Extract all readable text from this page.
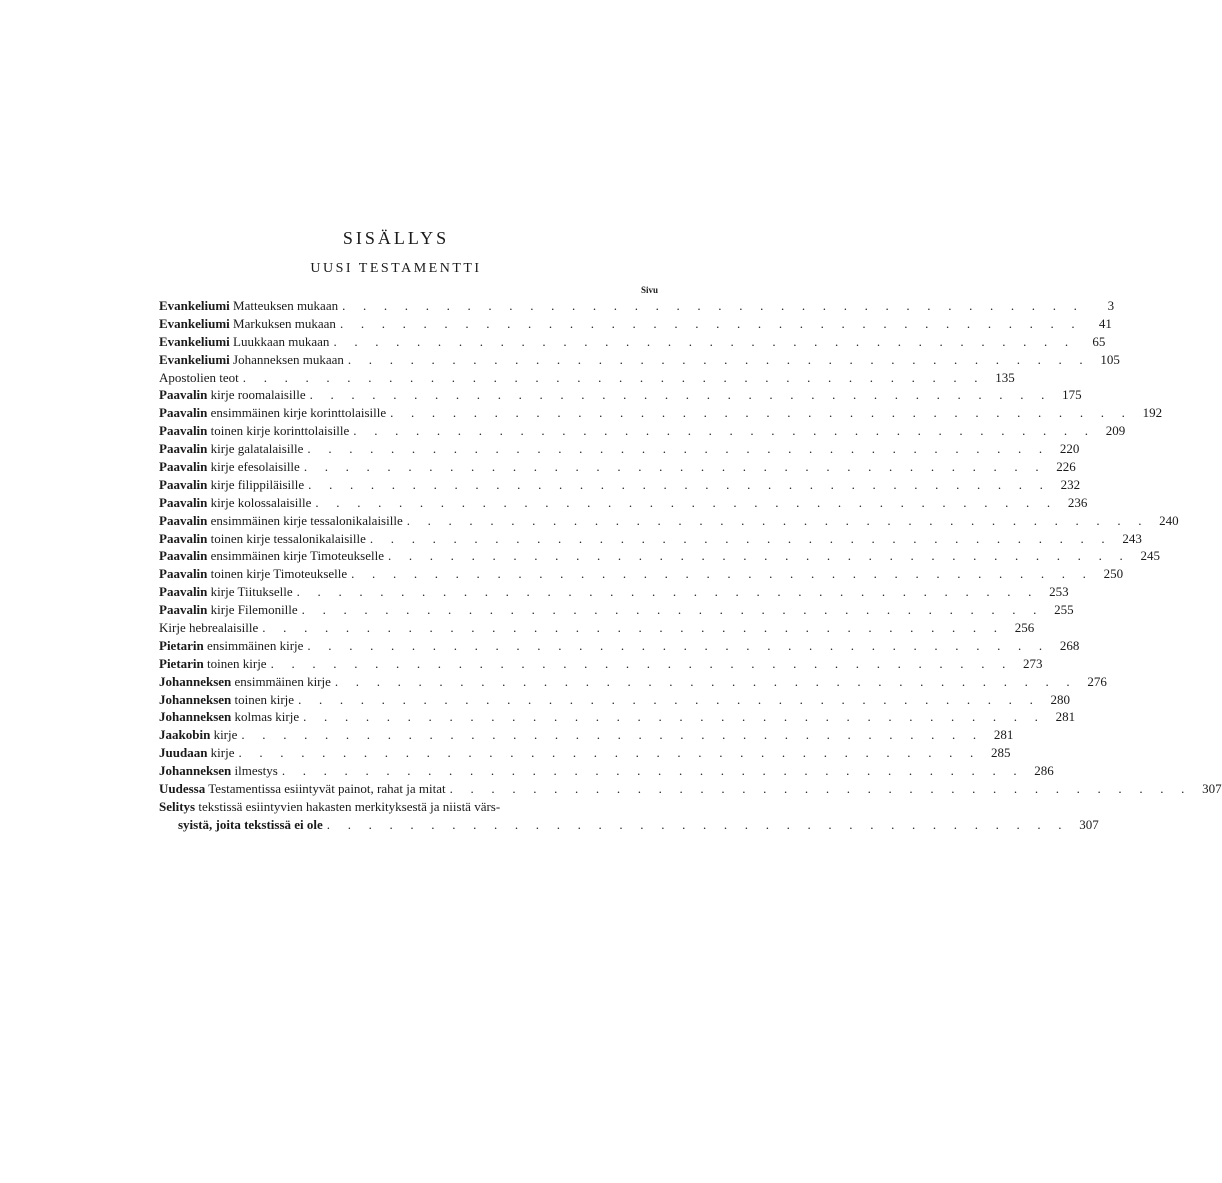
SISÄLLYS
UUSI TESTAMENTTI
Sivu
Evankeliumi Matteuksen mukaan . . . . . . . . . . . . . . . . . . . . . . . . . . . . . . . . . . . .	3
Evankeliumi Markuksen mukaan . . . . . . . . . . . . . . . . . . . . . . . . . . . . . . . . . . . .	41
Evankeliumi Luukkaan mukaan . . . . . . . . . . . . . . . . . . . . . . . . . . . . . . . . . . . .	65
Evankeliumi Johanneksen mukaan . . . . . . . . . . . . . . . . . . . . . . . . . . . . . . . . . . . . 105
Apostolien teot . . . . . . . . . . . . . . . . . . . . . . . . . . . . . . . . . . . . 135
Paavalin kirje roomalaisille . . . . . . . . . . . . . . . . . . . . . . . . . . . . . . . . . . . . 175
Paavalin ensimmäinen kirje korinttolaisille . . . . . . . . . . . . . . . . . . . . . . . . . . . . . . . . . . . . 192
Paavalin toinen kirje korinttolaisille . . . . . . . . . . . . . . . . . . . . . . . . . . . . . . . . . . . . 209
Paavalin kirje galatalaisille . . . . . . . . . . . . . . . . . . . . . . . . . . . . . . . . . . . . 220
Paavalin kirje efesolaisille . . . . . . . . . . . . . . . . . . . . . . . . . . . . . . . . . . . . 226
Paavalin kirje filippiläisille . . . . . . . . . . . . . . . . . . . . . . . . . . . . . . . . . . . . 232
Paavalin kirje kolossalaisille . . . . . . . . . . . . . . . . . . . . . . . . . . . . . . . . . . . . 236
Paavalin ensimmäinen kirje tessalonikalaisille . . . . . . . . . . . . . . . . . . . . . . . . . . . . . . . . . . . . 240
Paavalin toinen kirje tessalonikalaisille . . . . . . . . . . . . . . . . . . . . . . . . . . . . . . . . . . . . 243
Paavalin ensimmäinen kirje Timoteukselle . . . . . . . . . . . . . . . . . . . . . . . . . . . . . . . . . . . . 245
Paavalin toinen kirje Timoteukselle . . . . . . . . . . . . . . . . . . . . . . . . . . . . . . . . . . . . 250
Paavalin kirje Tiitukselle . . . . . . . . . . . . . . . . . . . . . . . . . . . . . . . . . . . . 253
Paavalin kirje Filemonille . . . . . . . . . . . . . . . . . . . . . . . . . . . . . . . . . . . . 255
Kirje hebrealaisille . . . . . . . . . . . . . . . . . . . . . . . . . . . . . . . . . . . . 256
Pietarin ensimmäinen kirje . . . . . . . . . . . . . . . . . . . . . . . . . . . . . . . . . . . . 268
Pietarin toinen kirje . . . . . . . . . . . . . . . . . . . . . . . . . . . . . . . . . . . . 273
Johanneksen ensimmäinen kirje . . . . . . . . . . . . . . . . . . . . . . . . . . . . . . . . . . . . 276
Johanneksen toinen kirje . . . . . . . . . . . . . . . . . . . . . . . . . . . . . . . . . . . . 280
Johanneksen kolmas kirje . . . . . . . . . . . . . . . . . . . . . . . . . . . . . . . . . . . . 281
Jaakobin kirje . . . . . . . . . . . . . . . . . . . . . . . . . . . . . . . . . . . . 281
Juudaan kirje . . . . . . . . . . . . . . . . . . . . . . . . . . . . . . . . . . . . 285
Johanneksen ilmestys . . . . . . . . . . . . . . . . . . . . . . . . . . . . . . . . . . . . 286
Uudessa Testamentissa esiintyvät painot, rahat ja mitat . . . . . . . . . . . . . . . . . . . . . . . . . . . . . . . . . . . . 307
Selitys tekstissä esiintyvien hakasten merkityksestä ja niistä värs-
syistä, joita tekstissä ei ole . . . . . . . . . . . . . . . . . . . . . . . . . . . . . . . . . . . . 307
